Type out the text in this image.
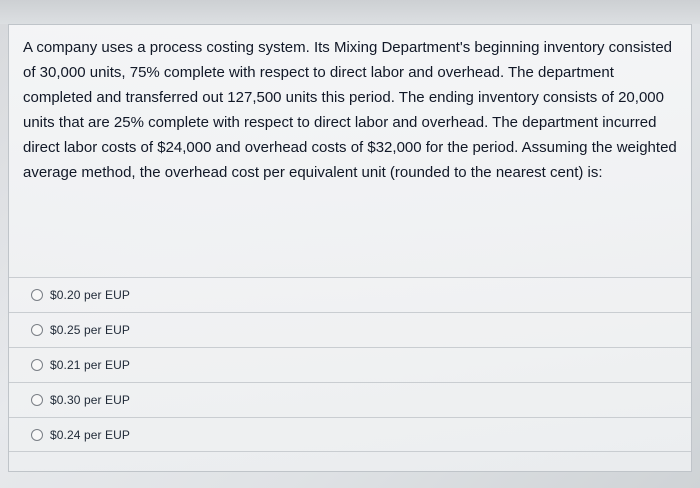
A company uses a process costing system. Its Mixing Department's beginning inventory consisted of 30,000 units, 75% complete with respect to direct labor and overhead. The department completed and transferred out 127,500 units this period. The ending inventory consists of 20,000 units that are 25% complete with respect to direct labor and overhead. The department incurred direct labor costs of $24,000 and overhead costs of $32,000 for the period. Assuming the weighted average method, the overhead cost per equivalent unit (rounded to the nearest cent) is:
$0.20 per EUP
$0.25 per EUP
$0.21 per EUP
$0.30 per EUP
$0.24 per EUP
